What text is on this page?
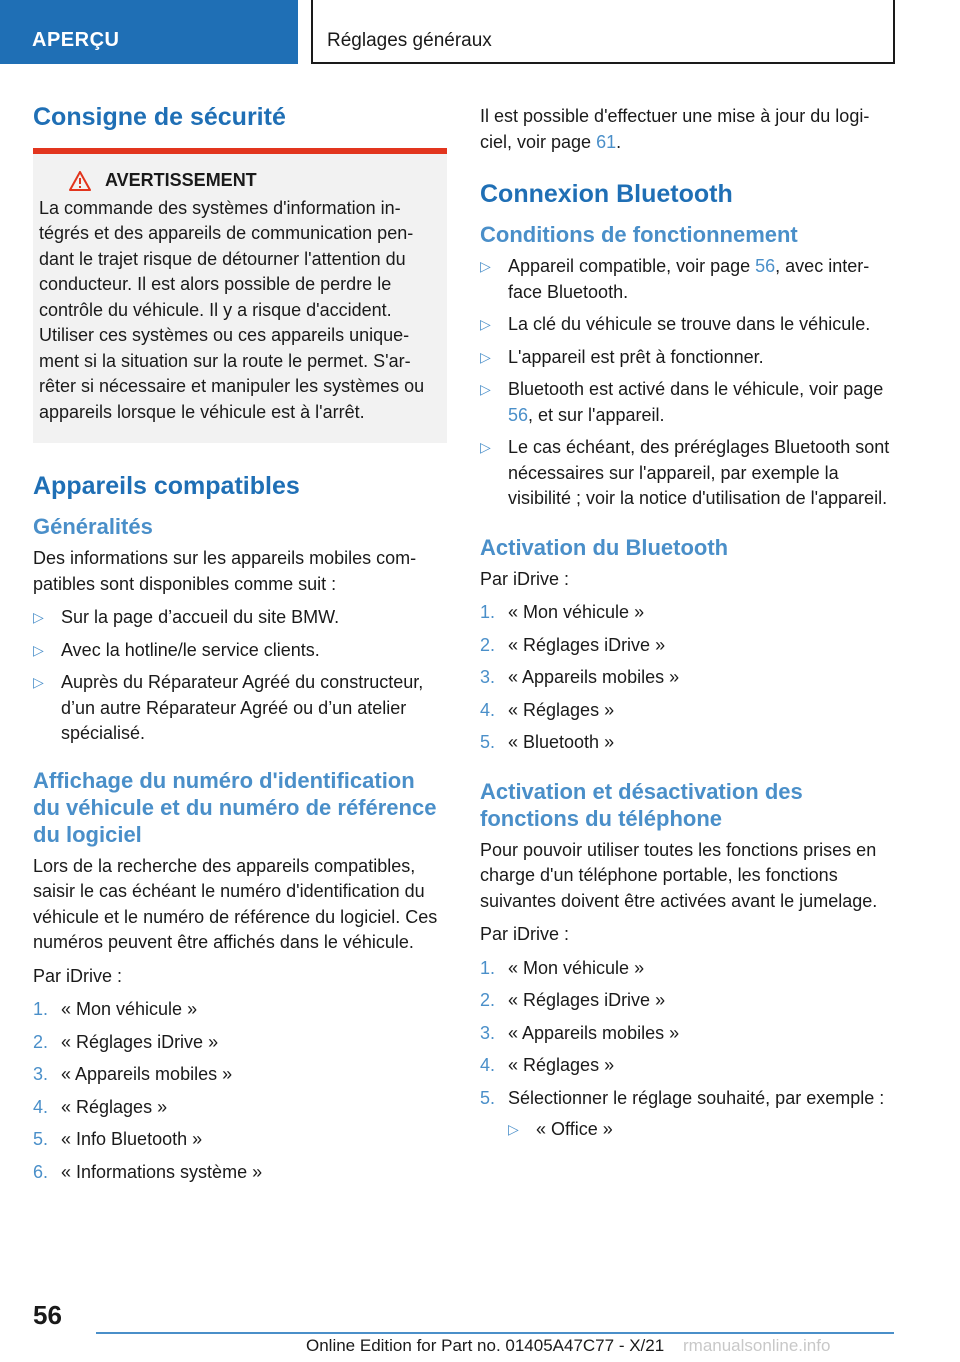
APERÇU	Réglages généraux
Consigne de sécurité
AVERTISSEMENT
La commande des systèmes d'information intégrés et des appareils de communication pendant le trajet risque de détourner l'attention du conducteur. Il est alors possible de perdre le contrôle du véhicule. Il y a risque d'accident. Utiliser ces systèmes ou ces appareils uniquement si la situation sur la route le permet. S'arrêter si nécessaire et manipuler les systèmes ou appareils lorsque le véhicule est à l'arrêt.
Appareils compatibles
Généralités

Des informations sur les appareils mobiles compatibles sont disponibles comme suit :

▷ Sur la page d’accueil du site BMW.
▷ Avec la hotline/le service clients.
▷ Auprès du Réparateur Agréé du constructeur, d’un autre Réparateur Agréé ou d’un atelier spécialisé.
Affichage du numéro d'identification du véhicule et du numéro de référence du logiciel

Lors de la recherche des appareils compatibles, saisir le cas échéant le numéro d'identification du véhicule et le numéro de référence du logiciel. Ces numéros peuvent être affichés dans le véhicule.

Par iDrive :

1. « Mon véhicule »
2. « Réglages iDrive »
3. « Appareils mobiles »
4. « Réglages »
5. « Info Bluetooth »
6. « Informations système »

Il est possible d'effectuer une mise à jour du logiciel, voir page 61.

Connexion Bluetooth
Conditions de fonctionnement
▷ Appareil compatible, voir page 56, avec interface Bluetooth.
▷ La clé du véhicule se trouve dans le véhicule.
▷ L'appareil est prêt à fonctionner.
▷ Bluetooth est activé dans le véhicule, voir page 56, et sur l'appareil.
▷ Le cas échéant, des préréglages Bluetooth sont nécessaires sur l'appareil, par exemple la visibilité ; voir la notice d'utilisation de l'appareil.
Activation du Bluetooth

Par iDrive :

1. « Mon véhicule »
2. « Réglages iDrive »
3. « Appareils mobiles »
4. « Réglages »
5. « Bluetooth »
Activation et désactivation des fonctions du téléphone

Pour pouvoir utiliser toutes les fonctions prises en charge d'un téléphone portable, les fonctions suivantes doivent être activées avant le jumelage.

Par iDrive :

1. « Mon véhicule »
2. « Réglages iDrive »
3. « Appareils mobiles »
4. « Réglages »
5. Sélectionner le réglage souhaité, par exemple :
▷ « Office »
56
Online Edition for Part no. 01405A47C77 - X/21 rmanualsonline.info
